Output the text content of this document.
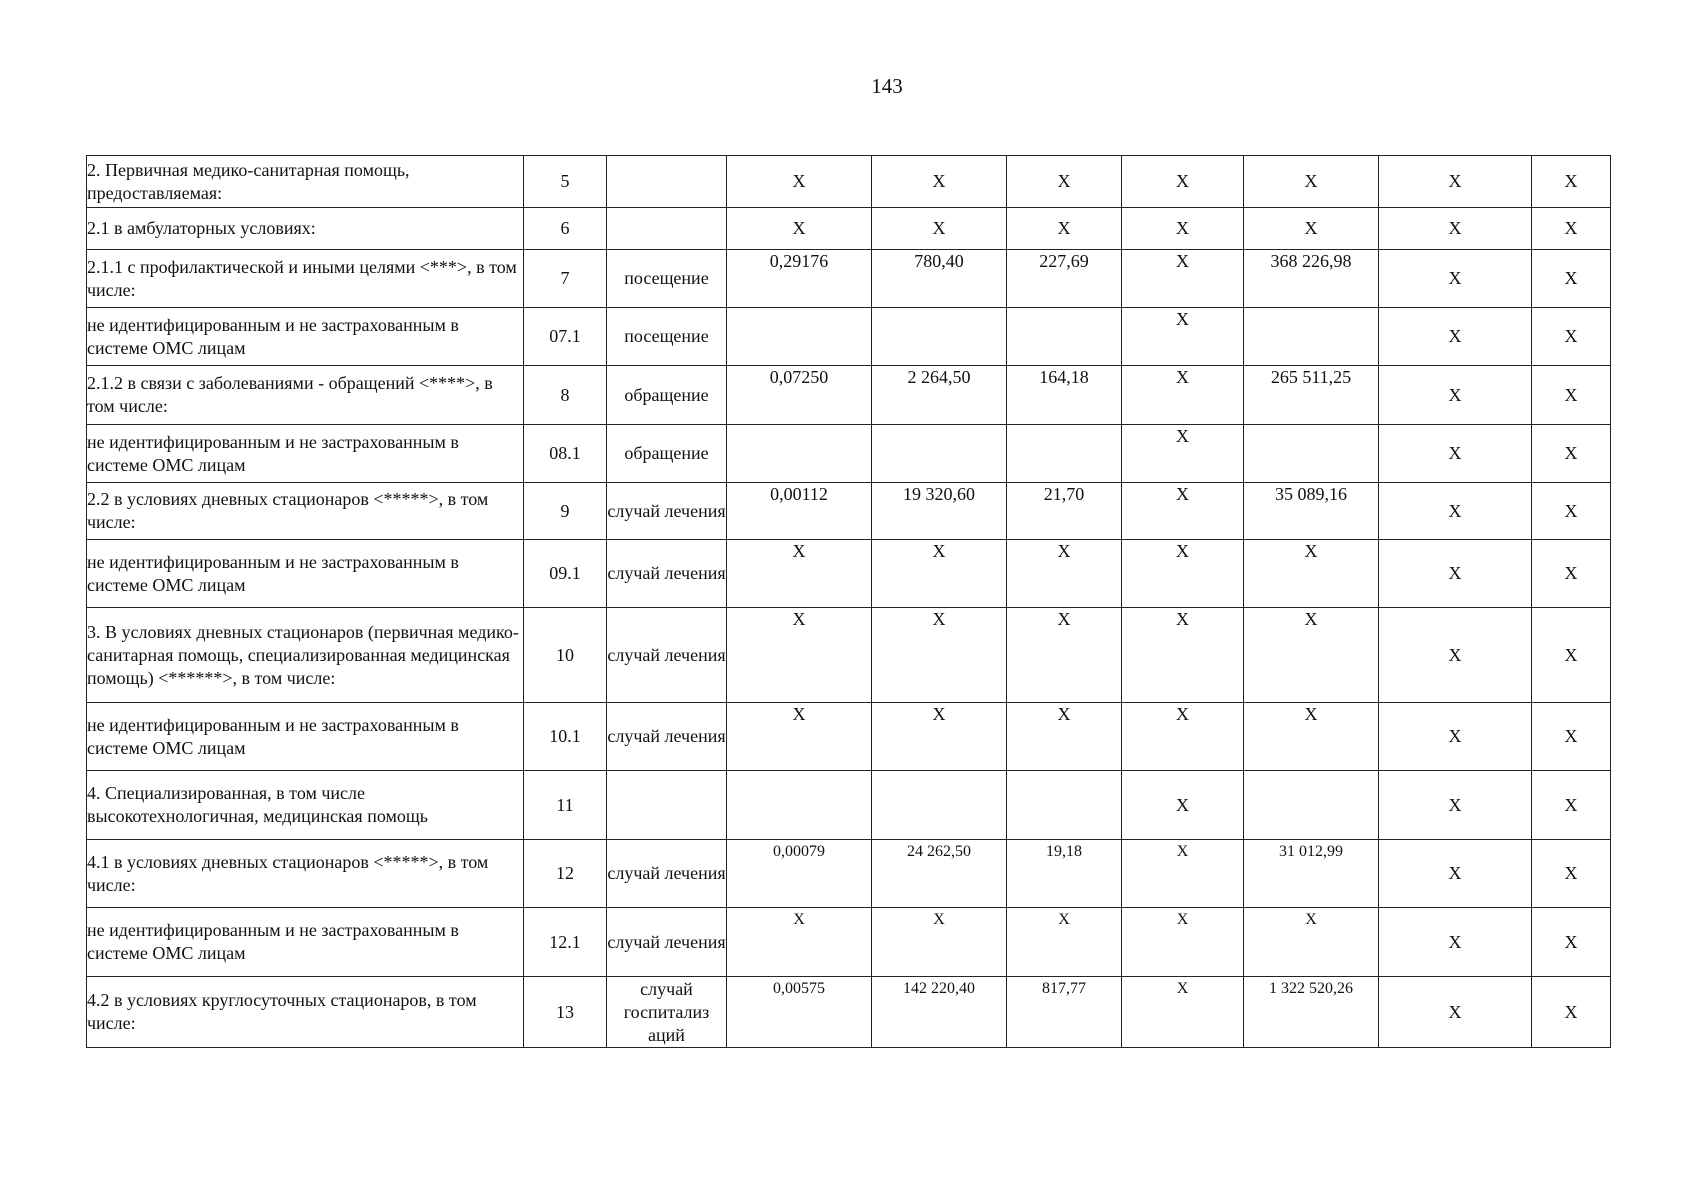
143
2. Первичная медико-санитарная помощь, предоставляемая:	5		X	X	X	X	X	X	X
2.1 в амбулаторных условиях:	6		X	X	X	X	X	X	X
2.1.1 с профилактической и иными целями <***>, в том числе:	7	посещение	0,29176	780,40	227,69	X	368 226,98	X	X
не идентифицированным и не застрахованным в системе ОМС лицам	07.1	посещение				X		X	X
2.1.2 в связи с заболеваниями - обращений <****>, в том числе:	8	обращение	0,07250	2 264,50	164,18	X	265 511,25	X	X
не идентифицированным и не застрахованным в системе ОМС лицам	08.1	обращение				X		X	X
2.2 в условиях дневных стационаров <*****>, в том числе:	9	случай лечения	0,00112	19 320,60	21,70	X	35 089,16	X	X
не идентифицированным и не застрахованным в системе ОМС лицам	09.1	случай лечения	X	X	X	X	X	X	X
3. В условиях дневных стационаров (первичная медико-санитарная помощь, специализированная медицинская помощь) <******>, в том числе:	10	случай лечения	X	X	X	X	X	X	X
не идентифицированным и не застрахованным в системе ОМС лицам	10.1	случай лечения	X	X	X	X	X	X	X
4. Специализированная, в том числе высокотехнологичная, медицинская помощь	11					X		X	X
4.1 в условиях дневных стационаров <*****>, в том числе:	12	случай лечения	0,00079	24 262,50	19,18	X	31 012,99	X	X
не идентифицированным и не застрахованным в системе ОМС лицам	12.1	случай лечения	X	X	X	X	X	X	X
4.2 в условиях круглосуточных стационаров, в том числе:	13	случай госпитализ аций	0,00575	142 220,40	817,77	X	1 322 520,26	X	X
